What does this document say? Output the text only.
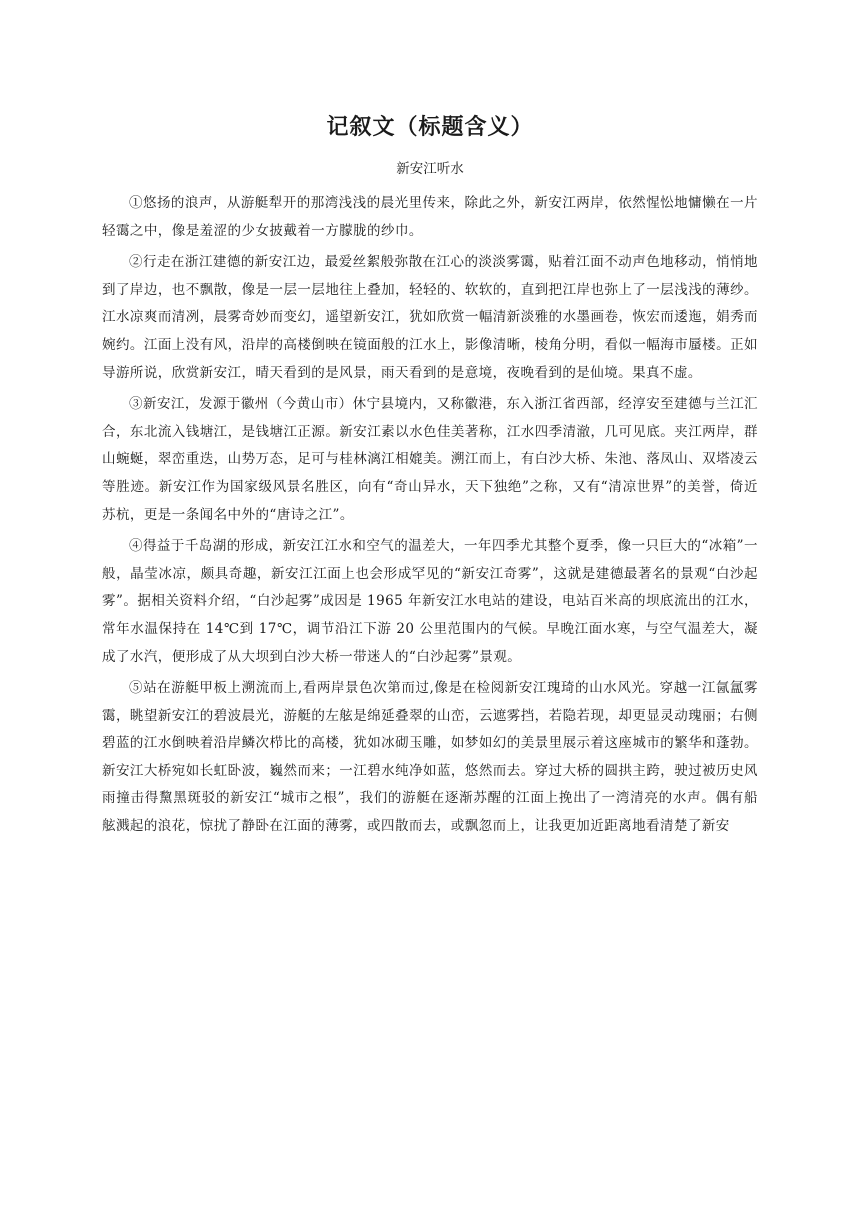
记叙文（标题含义）
新安江听水

①悠扬的浪声，从游艇犁开的那湾浅浅的晨光里传来，除此之外，新安江两岸，依然惺忪地慵懒在一片轻霭之中，像是羞涩的少女披戴着一方朦胧的纱巾。

②行走在浙江建德的新安江边，最爱丝絮般弥散在江心的淡淡雾霭，贴着江面不动声色地移动，悄悄地到了岸边，也不飘散，像是一层一层地往上叠加，轻轻的、软软的，直到把江岸也弥上了一层浅浅的薄纱。江水凉爽而清冽，晨雾奇妙而变幻，遥望新安江，犹如欣赏一幅清新淡雅的水墨画卷，恢宏而逶迤，娟秀而婉约。江面上没有风，沿岸的高楼倒映在镜面般的江水上，影像清晰，棱角分明，看似一幅海市蜃楼。正如导游所说，欣赏新安江，晴天看到的是风景，雨天看到的是意境，夜晚看到的是仙境。果真不虚。

③新安江，发源于徽州（今黄山市）休宁县境内，又称徽港，东入浙江省西部，经淳安至建德与兰江汇合，东北流入钱塘江，是钱塘江正源。新安江素以水色佳美著称，江水四季清澈，几可见底。夹江两岸，群山蜿蜒，翠峦重迭，山势万态，足可与桂林漓江相媲美。溯江而上，有白沙大桥、朱池、落凤山、双塔凌云等胜迹。新安江作为国家级风景名胜区，向有“奇山异水，天下独绝”之称，又有“清凉世界”的美誉，倚近苏杭，更是一条闻名中外的“唐诗之江”。

④得益于千岛湖的形成，新安江江水和空气的温差大，一年四季尤其整个夏季，像一只巨大的“冰箱”一般，晶莹冰凉，颇具奇趣，新安江江面上也会形成罕见的“新安江奇雾”，这就是建德最著名的景观“白沙起雾”。据相关资料介绍，“白沙起雾”成因是 1965 年新安江水电站的建设，电站百米高的坝底流出的江水，常年水温保持在 14℃到 17℃，调节沿江下游 20 公里范围内的气候。早晚江面水寒，与空气温差大，凝成了水汽，便形成了从大坝到白沙大桥一带迷人的“白沙起雾”景观。

⑤站在游艇甲板上溯流而上,看两岸景色次第而过,像是在检阅新安江瑰琦的山水风光。穿越一江氤氲雾霭，眺望新安江的碧波晨光，游艇的左舷是绵延叠翠的山峦，云遮雾挡，若隐若现，却更显灵动瑰丽；右侧碧蓝的江水倒映着沿岸鳞次栉比的高楼，犹如冰砌玉雕，如梦如幻的美景里展示着这座城市的繁华和蓬勃。新安江大桥宛如长虹卧波，巍然而来；一江碧水纯净如蓝，悠然而去。穿过大桥的圆拱主跨，驶过被历史风雨撞击得黧黑斑驳的新安江“城市之根”，我们的游艇在逐渐苏醒的江面上挽出了一湾清亮的水声。偶有船舷溅起的浪花，惊扰了静卧在江面的薄雾，或四散而去，或飘忽而上，让我更加近距离地看清楚了新安
